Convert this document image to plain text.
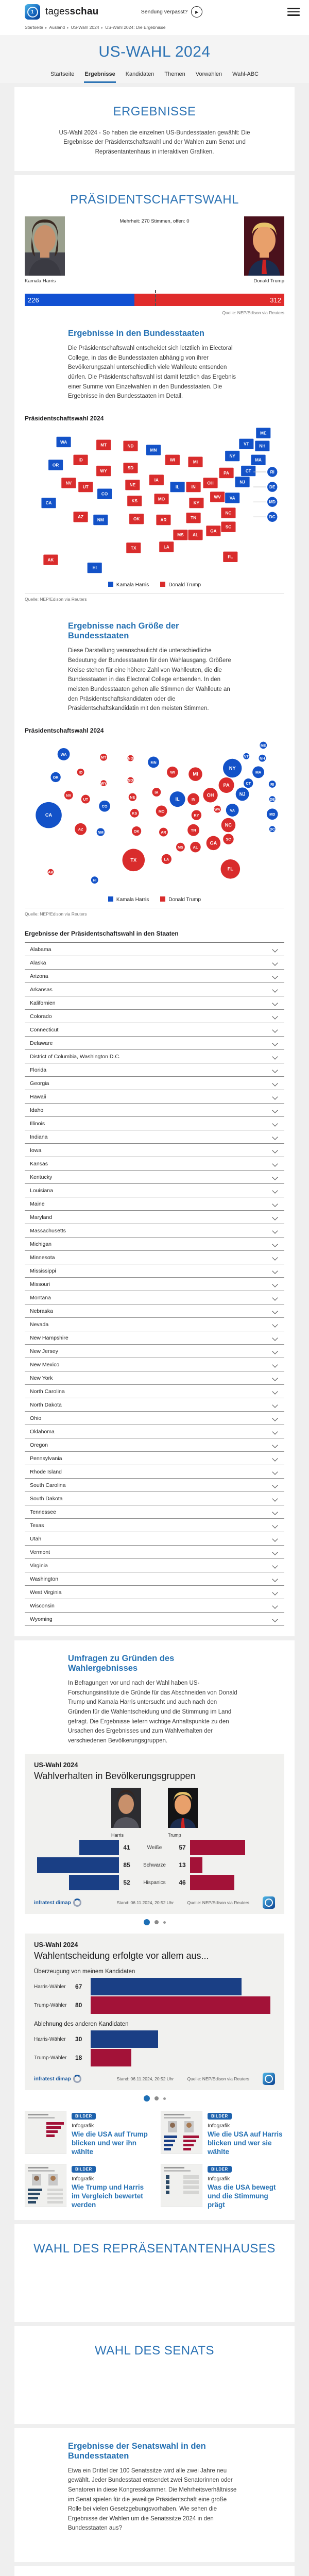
1	tagesschau	Sendung verpasst?	▶
Startseite ▸ Ausland ▸ US-Wahl 2024 ▸ US-Wahl 2024: Die Ergebnisse
US-WAHL 2024
Startseite Ergebnisse Kandidaten Themen Vorwahlen Wahl-ABC
ERGEBNISSE

US-Wahl 2024 - So haben die einzelnen US-Bundesstaaten gewählt: Die Ergebnisse der Präsidentschaftswahl und der Wahlen zum Senat und Repräsentantenhaus in interaktiven Grafiken.

PRÄSIDENTSCHAFTSWAHL
Mehrheit: 270 Stimmen, offen: 0
Kamala Harris	Donald Trump
226	312
Quelle: NEP/Edison via Reuters
Ergebnisse in den Bundesstaaten
Die Präsidentschaftswahl entscheidet sich letztlich im Electoral College, in das die Bundesstaaten abhängig von ihrer Bevölkerungszahl unterschiedlich viele Wahlleute entsenden dürfen. Die Präsidentschaftswahl ist damit letztlich das Ergebnis einer Summe von Einzelwahlen in den Bundesstaaten. Die Ergebnisse in den Bundesstaaten im Detail.
Präsidentschaftswahl 2024
WA
OR
CA
NV
ID
UT
AZ
MT
WY
CO
NM
ND
SD
NE
KS
OK
TX
MN
IA
MO
AR
LA
WI
IL
MS
MI
IN
KY
TN
AL
OH
WV
GA
FL
VA
NC
SC
PA
NY
ME
VT NH
MA
CT
NJ
AK
HI
RI
DE
MD
DC
Kamala Harris	Donald Trump
Quelle: NEP/Edison via Reuters
Ergebnisse nach Größe der Bundesstaaten
Diese Darstellung veranschaulicht die unterschiedliche Bedeutung der Bundesstaaten für den Wahlausgang. Größere Kreise stehen für eine höhere Zahl von Wahlleuten, die die Bundesstaaten in das Electoral College entsenden. In den meisten Bundesstaaten gehen alle Stimmen der Wahlleute an den Präsidentschaftskandidaten oder die Präsidentschaftskandidatin mit den meisten Stimmen.
Präsidentschaftswahl 2024
WA
OR
CA
NV
ID
UT
AZ
MT
WY
CO
NM
ND
SD
NE
KS
OK
TX
MN
IA
MO
AR
LA
WI
IL
MS
MI
IN
KY
TN
AL
OH
WV
GA
FL
VA
NC
SC
PA
NY
ME
VT	NH
MA
CT
NJ
AK
HI
RI
DE
MD
DC
Kamala Harris	Donald Trump
Quelle: NEP/Edison via Reuters
Ergebnisse der Präsidentschaftswahl in den Staaten
Alabama
Alaska
Arizona
Arkansas
Kalifornien
Colorado
Connecticut
Delaware
District of Columbia, Washington D.C.
Florida
Georgia
Hawaii
Idaho
Illinois
Indiana
Iowa
Kansas
Kentucky
Louisiana
Maine
Maryland
Massachusetts
Michigan
Minnesota
Mississippi
Missouri
Montana
Nebraska
Nevada
New Hampshire
New Jersey
New Mexico
New York
North Carolina
North Dakota
Ohio
Oklahoma
Oregon
Pennsylvania
Rhode Island
South Carolina
South Dakota
Tennessee
Texas
Utah
Vermont
Virginia
Washington
West Virginia
Wisconsin
Wyoming
Umfragen zu Gründen des Wahlergebnisses
In Befragungen vor und nach der Wahl haben US-Forschungsinstitute die Gründe für das Abschneiden von Donald Trump und Kamala Harris untersucht und auch nach den Gründen für die Wahlentscheidung und die Stimmung im Land gefragt. Die Ergebnisse liefern wichtige Anhaltspunkte zu den Ursachen des Ergebnisses und zum Wahlverhalten der verschiedenen Bevölkerungsgruppen.
US-Wahl 2024
Wahlverhalten in Bevölkerungsgruppen
Harris	Trump
41	Weiße	57
85	Schwarze	13
52	Hispanics	46
infratest dimap	Stand: 06.11.2024, 20:52 Uhr	Quelle: NEP/Edison via Reuters
US-Wahl 2024
Wahlentscheidung erfolgte vor allem aus...
Überzeugung von meinem Kandidaten
Harris-Wähler	67
Trump-Wähler	80
Ablehnung des anderen Kandidaten
Harris-Wähler	30
Trump-Wähler	18
infratest dimap	Stand: 06.11.2024, 20:52 Uhr	Quelle: NEP/Edison via Reuters
BILDER
Infografik
Wie die USA auf Trump blicken und wer ihn wählte
BILDER
Infografik
Wie die USA auf Harris blicken und wer sie wählte
BILDER
Infografik
Wie Trump und Harris im Vergleich bewertet werden
BILDER
Infografik
Was die USA bewegt und die Stimmung prägt
WAHL DES REPRÄSENTANTENHAUSES
WAHL DES SENATS
Ergebnisse der Senatswahl in den Bundesstaaten
Etwa ein Drittel der 100 Senatssitze wird alle zwei Jahre neu gewählt. Jeder Bundesstaat entsendet zwei Senatorinnen oder Senatoren in diese Kongresskammer. Die Mehrheitsverhältnisse im Senat spielen für die jeweilige Präsidentschaft eine große Rolle bei vielen Gesetzgebungsvorhaben. Wie sehen die Ergebnisse der Wahlen um die Senatssitze 2024 in den Bundesstaaten aus?
